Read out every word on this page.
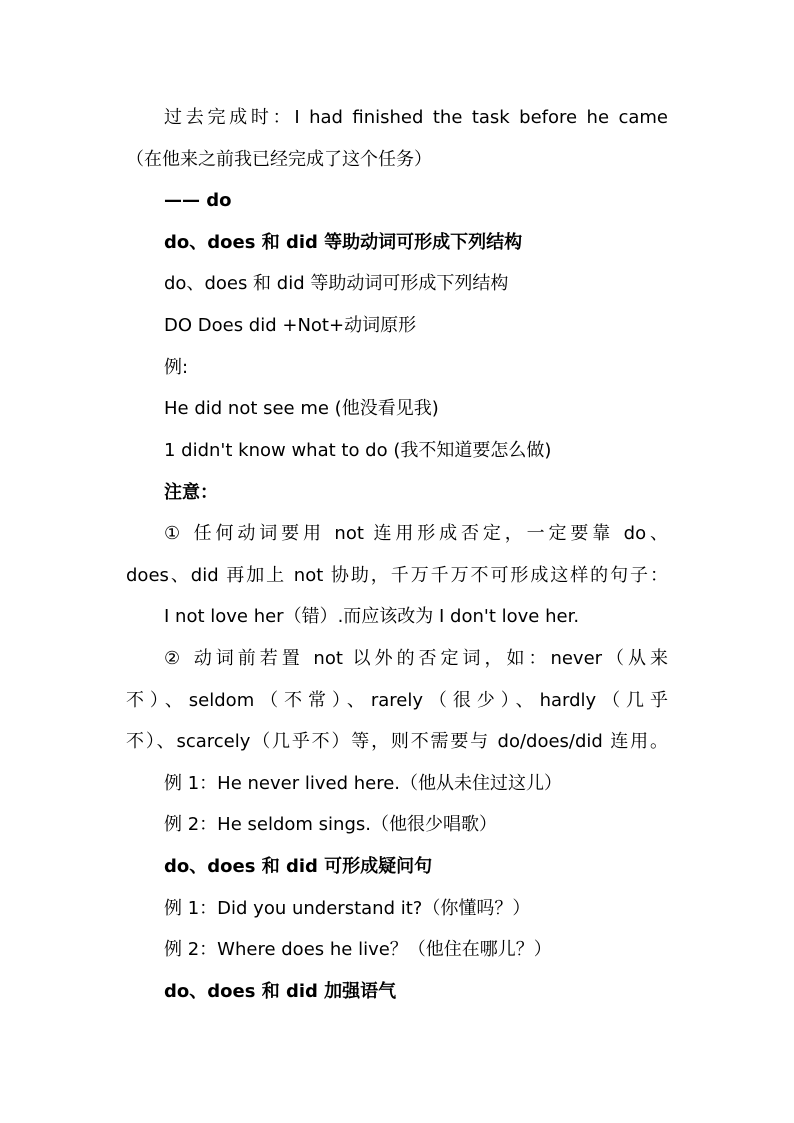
过去完成时：I had finished the task before he came
（在他来之前我已经完成了这个任务）
—— do
do、does 和 did 等助动词可形成下列结构
do、does 和 did 等助动词可形成下列结构
DO Does did +Not+动词原形
例:
He did not see me (他没看见我)
1 didn't know what to do (我不知道要怎么做)
注意：
① 任何动词要用 not 连用形成否定，一定要靠 do、
does、did 再加上 not 协助，千万千万不可形成这样的句子：
I not love her（错）.而应该改为 I don't love her.
② 动词前若置 not 以外的否定词，如：never（从来
不）、seldom（不常）、rarely（很少）、hardly（几乎
不）、scarcely（几乎不）等，则不需要与 do/does/did 连用。
例 1：He never lived here.（他从未住过这儿）
例 2：He seldom sings.（他很少唱歌）
do、does 和 did 可形成疑问句
例 1：Did you understand it?（你懂吗？）
例 2：Where does he live？（他住在哪儿？）
do、does 和 did 加强语气
